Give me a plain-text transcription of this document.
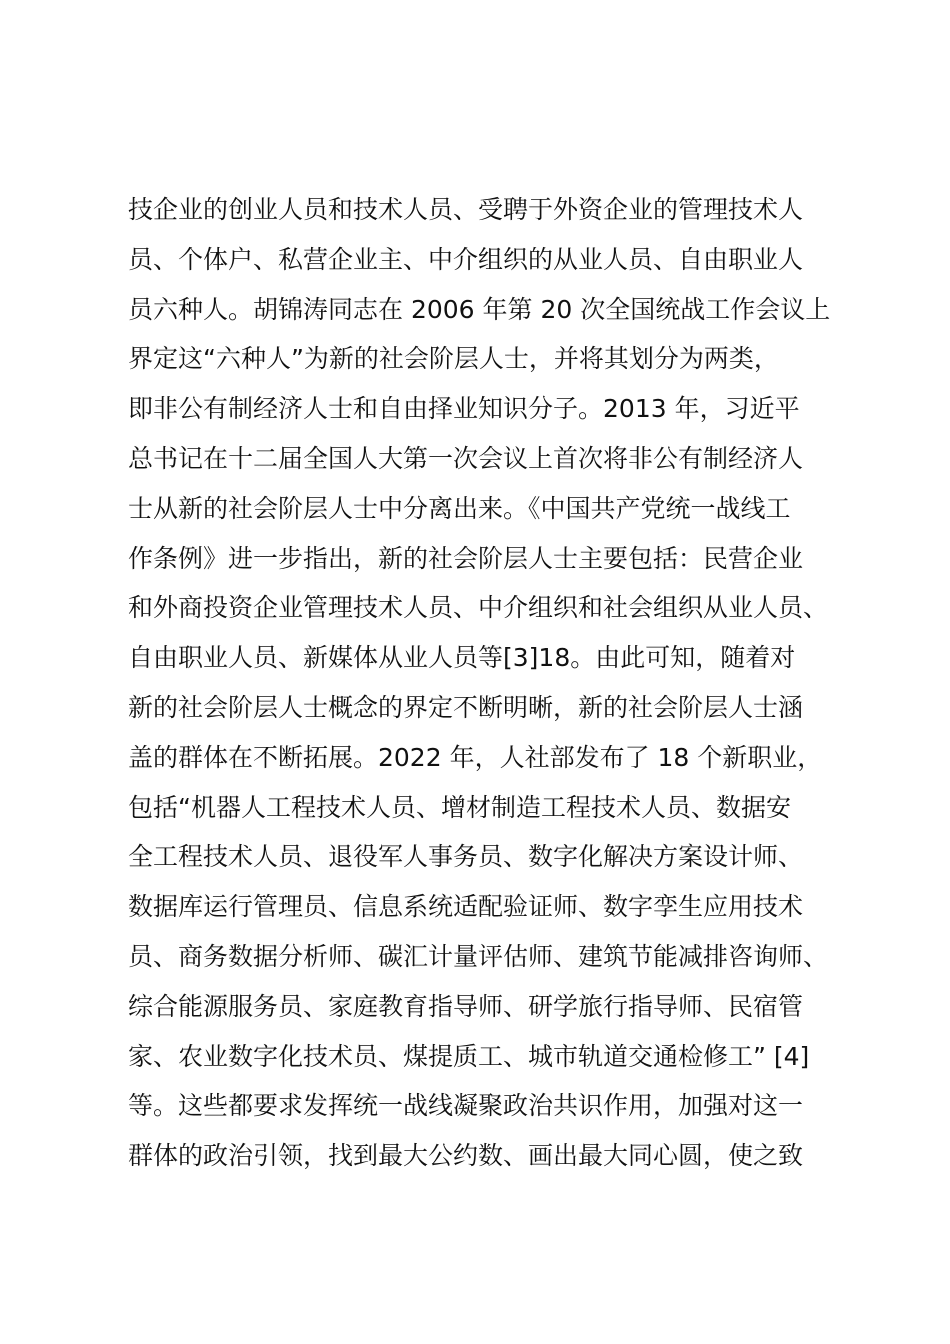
技企业的创业人员和技术人员、受聘于外资企业的管理技术人
员、个体户、私营企业主、中介组织的从业人员、自由职业人
员六种人。胡锦涛同志在 2006 年第 20 次全国统战工作会议上
界定这“六种人”为新的社会阶层人士，并将其划分为两类，
即非公有制经济人士和自由择业知识分子。2013 年，习近平
总书记在十二届全国人大第一次会议上首次将非公有制经济人
士从新的社会阶层人士中分离出来。《中国共产党统一战线工
作条例》进一步指出，新的社会阶层人士主要包括：民营企业
和外商投资企业管理技术人员、中介组织和社会组织从业人员、
自由职业人员、新媒体从业人员等[3]18。由此可知，随着对
新的社会阶层人士概念的界定不断明晰，新的社会阶层人士涵
盖的群体在不断拓展。2022 年，人社部发布了 18 个新职业，
包括“机器人工程技术人员、增材制造工程技术人员、数据安
全工程技术人员、退役军人事务员、数字化解决方案设计师、
数据库运行管理员、信息系统适配验证师、数字孪生应用技术
员、商务数据分析师、碳汇计量评估师、建筑节能减排咨询师、
综合能源服务员、家庭教育指导师、研学旅行指导师、民宿管
家、农业数字化技术员、煤提质工、城市轨道交通检修工” [4]
等。这些都要求发挥统一战线凝聚政治共识作用，加强对这一
群体的政治引领，找到最大公约数、画出最大同心圆，使之致
